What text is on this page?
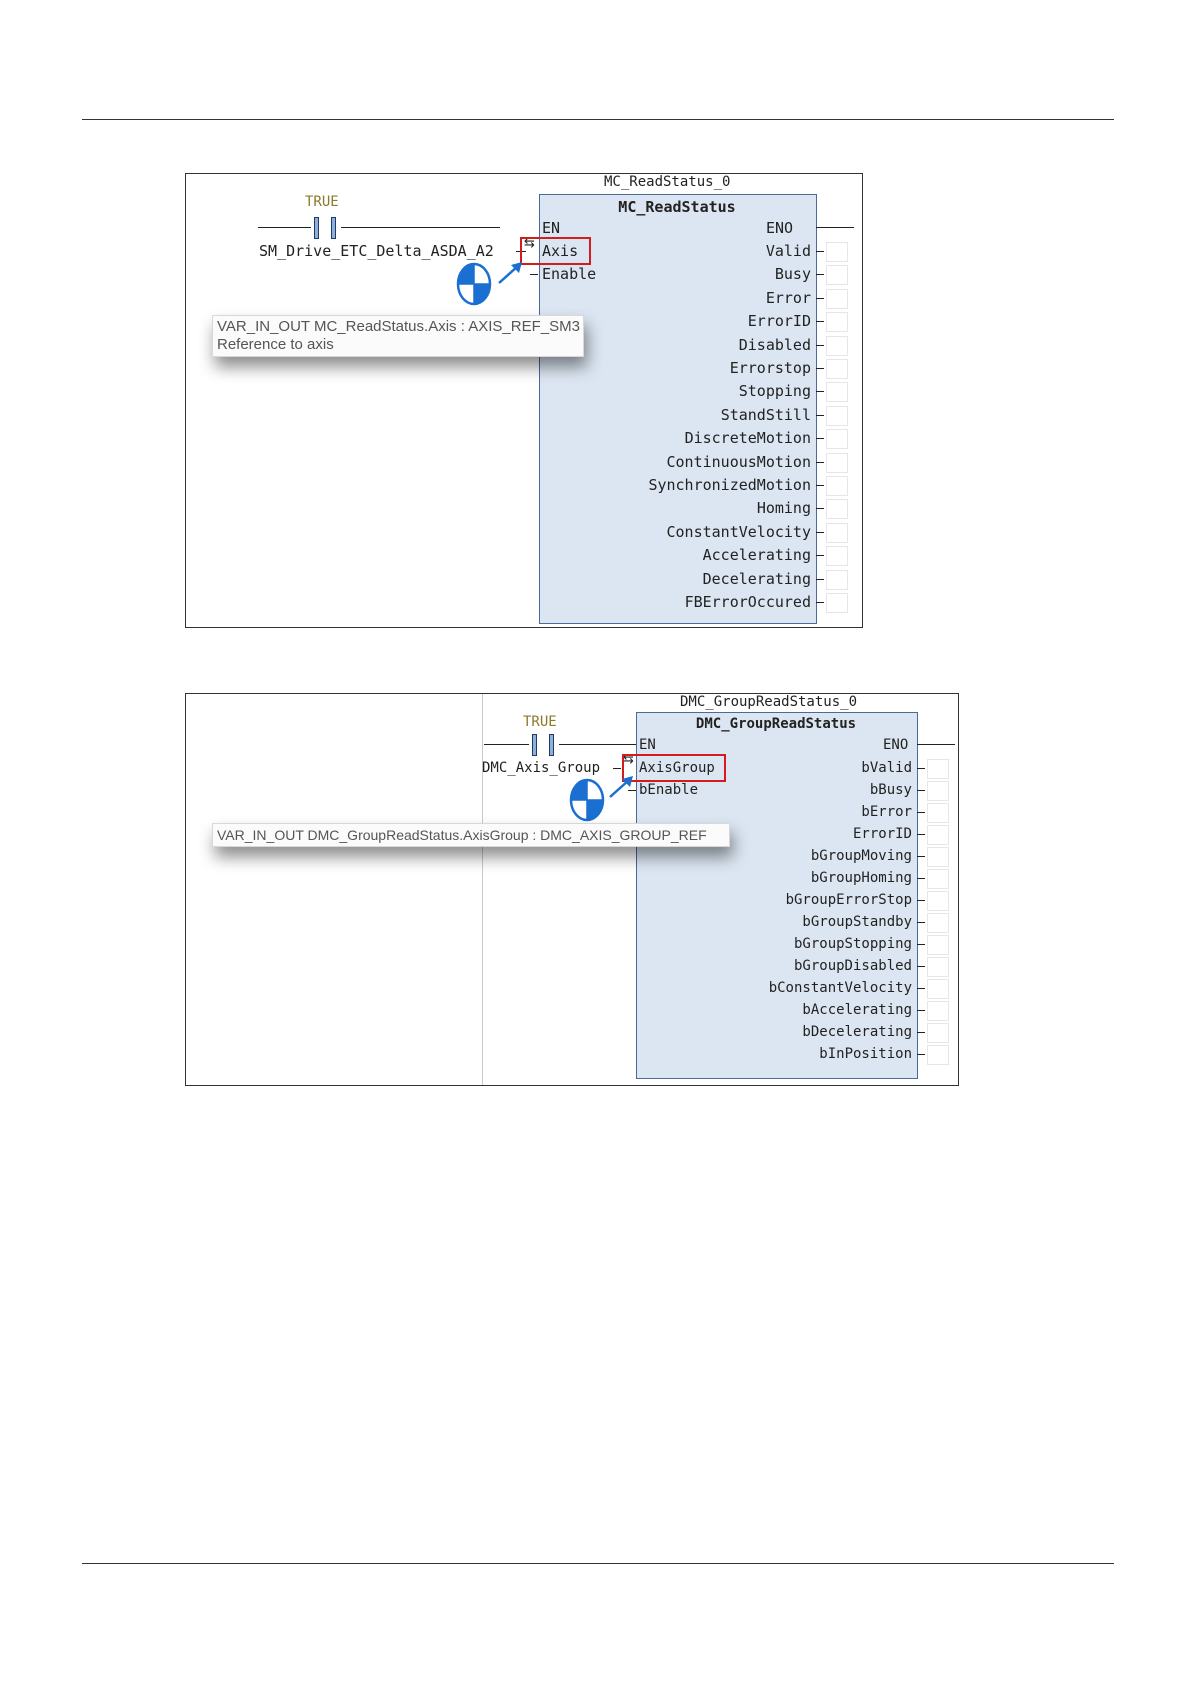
MC_ReadStatus_0
TRUE
SM_Drive_ETC_Delta_ASDA_A2 ⇆
MC_ReadStatus
EN
Axis
Enable
ENO
VAR_IN_OUT MC_ReadStatus.Axis : AXIS_REF_SM3
Reference to axis
Valid
Busy
Error
ErrorID
Disabled
Errorstop
Stopping
StandStill
DiscreteMotion
ContinuousMotion
SynchronizedMotion
Homing
ConstantVelocity
Accelerating
Decelerating
FBErrorOccured
DMC_GroupReadStatus_0
TRUE
DMC_Axis_Group
⇆
DMC_GroupReadStatus
EN
AxisGroup
bEnable
ENO
VAR_IN_OUT DMC_GroupReadStatus.AxisGroup : DMC_AXIS_GROUP_REF
bValid
bBusy
bError
ErrorID
bGroupMoving
bGroupHoming
bGroupErrorStop
bGroupStandby
bGroupStopping
bGroupDisabled
bConstantVelocity
bAccelerating
bDecelerating
bInPosition
